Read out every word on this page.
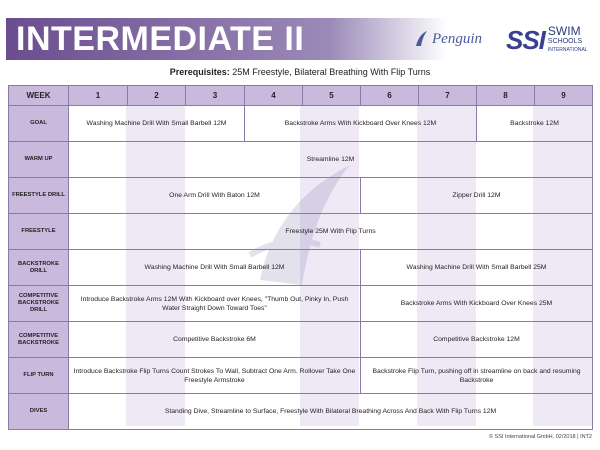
INTERMEDIATE II	Penguin SSI SWIM
SCHOOLS
INTERNATIONAL
Prerequisites: 25M Freestyle, Bilateral Breathing With Flip Turns
WEEK	1	2	3	4	5	6	7	8	9
GOAL	Washing Machine Drill With Small Barbell 12M			Backstroke Arms With Kickboard Over Knees 12M				Backstroke 12M	
WARM UP	Streamline 12M								
FREESTYLE DRILL	One Arm Drill With Baton 12M					Zipper Drill 12M			
FREESTYLE	Freestyle 25M With Flip Turns								
BACKSTROKE DRILL	Washing Machine Drill With Small Barbell 12M					Washing Machine Drill With Small Barbell 25M			
COMPETITIVE BACKSTROKE DRILL	Introduce Backstroke Arms 12M With Kickboard over Knees, "Thumb Out, Pinky In, Push Water Straight Down Toward Toes"					Backstroke Arms With Kickboard Over Knees 25M			
COMPETITIVE BACKSTROKE	Competitive Backstroke 6M					Competitive Backstroke 12M			
FLIP TURN	Introduce Backstroke Flip Turns Count Strokes To Wall, Subtract One Arm. Rollover Take One Freestyle Armstroke					Backstroke Flip Turn, pushing off in streamline on back and resuming Backstroke			
DIVES	Standing Dive, Streamline to Surface, Freestyle With Bilateral Breathing Across And Back With Flip Turns 12M								
© SSI International GmbH, 02/2018 | INT2
